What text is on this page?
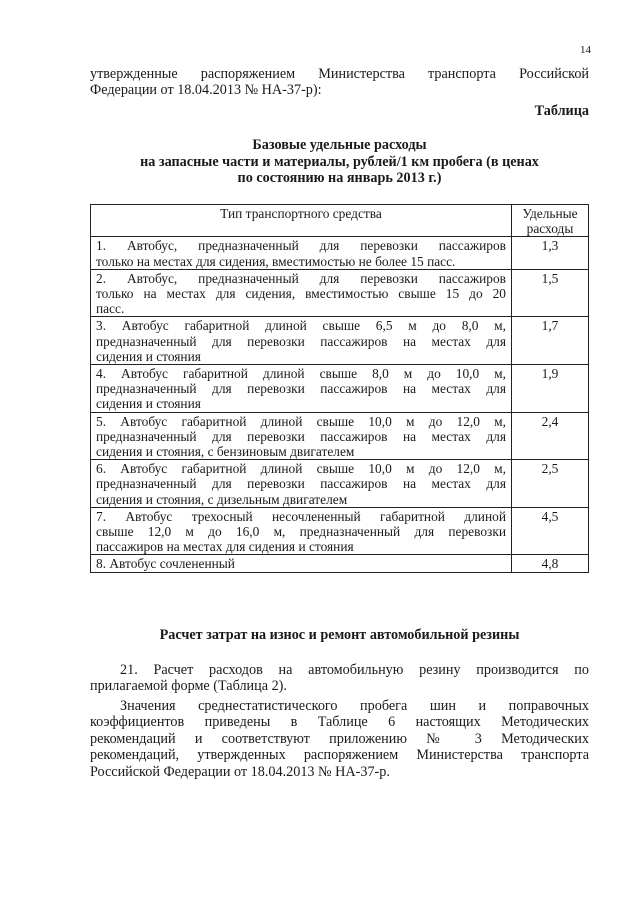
14
утвержденные распоряжением Министерства транспорта Российской
Федерации от 18.04.2013 № НА-37-р):
Таблица
Базовые удельные расходы
на запасные части и материалы, рублей/1 км пробега (в ценах
по состоянию на январь 2013 г.)
Тип транспортного средства	Удельные
расходы

1. Автобус, предназначенный для перевозки пассажиров
только на местах для сидения, вместимостью не более 15 пасс.	1,3

2. Автобус, предназначенный для перевозки пассажиров
только на местах для сидения, вместимостью свыше 15 до 20
пасс.	1,5

3. Автобус габаритной длиной свыше 6,5 м до 8,0 м,
предназначенный для перевозки пассажиров на местах для
сидения и стояния	1,7

4. Автобус габаритной длиной свыше 8,0 м до 10,0 м,
предназначенный для перевозки пассажиров на местах для
сидения и стояния	1,9

5. Автобус габаритной длиной свыше 10,0 м до 12,0 м,
предназначенный для перевозки пассажиров на местах для
сидения и стояния, с бензиновым двигателем	2,4

6. Автобус габаритной длиной свыше 10,0 м до 12,0 м,
предназначенный для перевозки пассажиров на местах для
сидения и стояния, с дизельным двигателем	2,5

7. Автобус трехосный несочлененный габаритной длиной
свыше 12,0 м до 16,0 м, предназначенный для перевозки
пассажиров на местах для сидения и стояния	4,5

8. Автобус сочлененный	4,8
Расчет затрат на износ и ремонт автомобильной резины
21. Расчет расходов на автомобильную резину производится по
прилагаемой форме (Таблица 2).
Значения среднестатистического пробега шин и поправочных
коэффициентов приведены в Таблице 6 настоящих Методических
рекомендаций и соответствуют приложению № 3 Методических
рекомендаций, утвержденных распоряжением Министерства транспорта
Российской Федерации от 18.04.2013 № НА-37-р.
